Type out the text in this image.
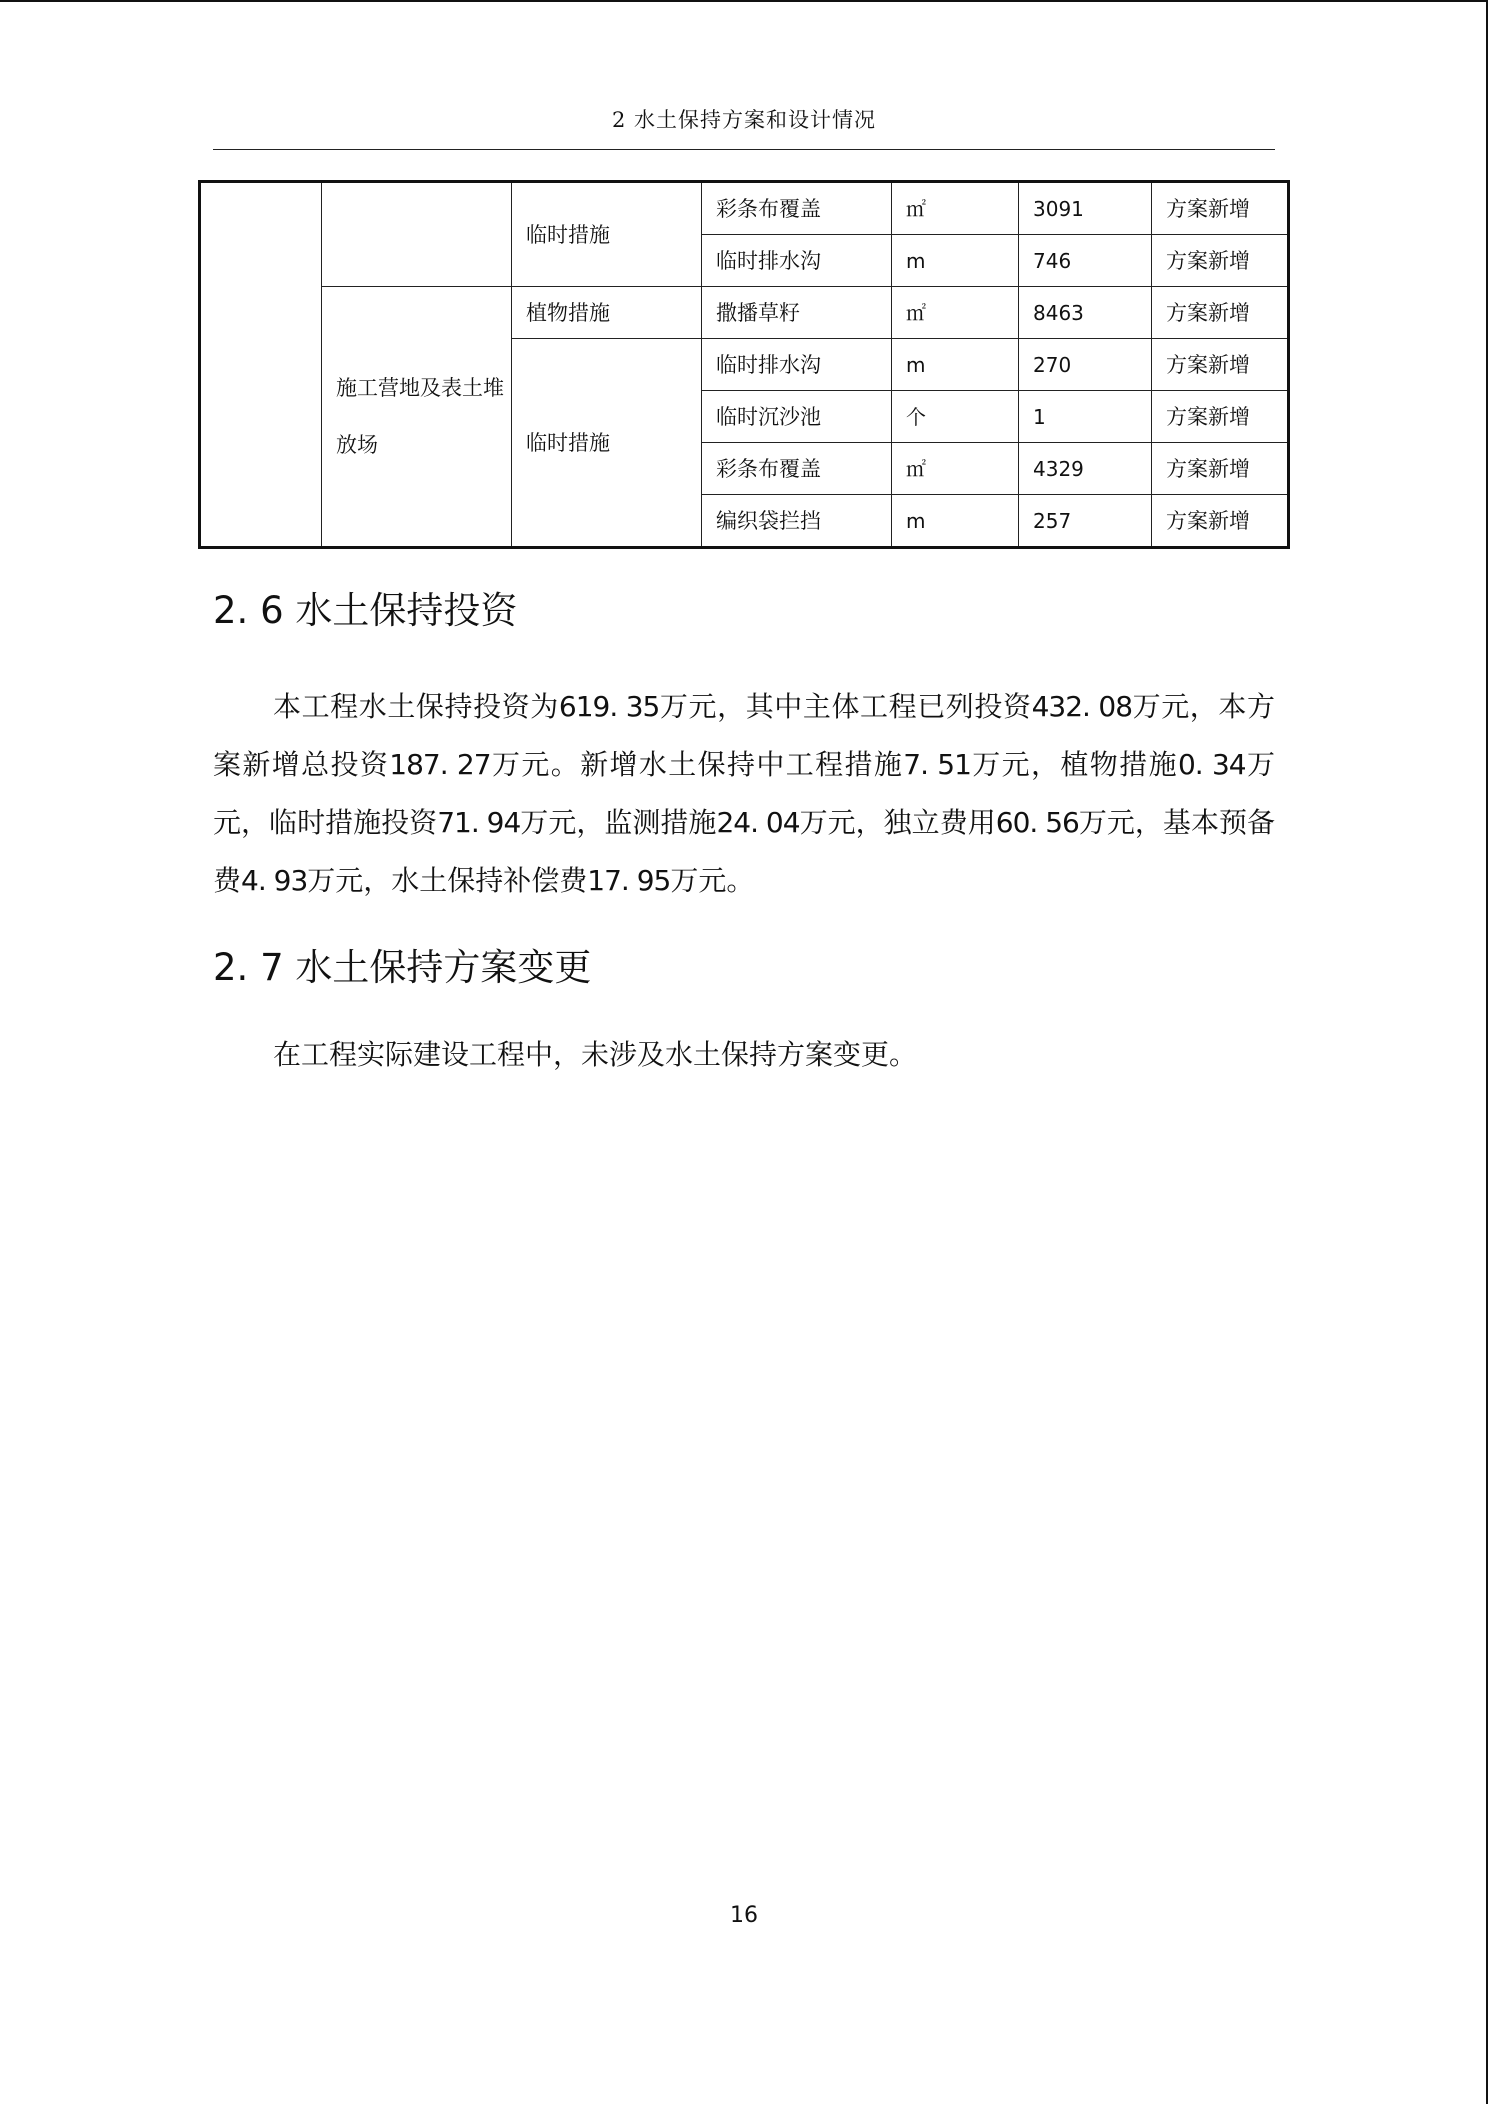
2 水土保持方案和设计情况
		临时措施	彩条布覆盖	㎡	3091	方案新增
			临时排水沟	m	746	方案新增
	施工营地及表土堆放场	植物措施	撒播草籽	㎡	8463	方案新增
		临时措施	临时排水沟	m	270	方案新增
			临时沉沙池	个	1	方案新增
			彩条布覆盖	㎡	4329	方案新增
			编织袋拦挡	m	257	方案新增
2. 6 水土保持投资

本工程水土保持投资为619. 35万元，其中主体工程已列投资432. 08万元，本方案新增总投资187. 27万元。新增水土保持中工程措施7. 51万元，植物措施0. 34万元，临时措施投资71. 94万元，监测措施24. 04万元，独立费用60. 56万元，基本预备费4. 93万元，水土保持补偿费17. 95万元。

2. 7 水土保持方案变更

在工程实际建设工程中，未涉及水土保持方案变更。

16
